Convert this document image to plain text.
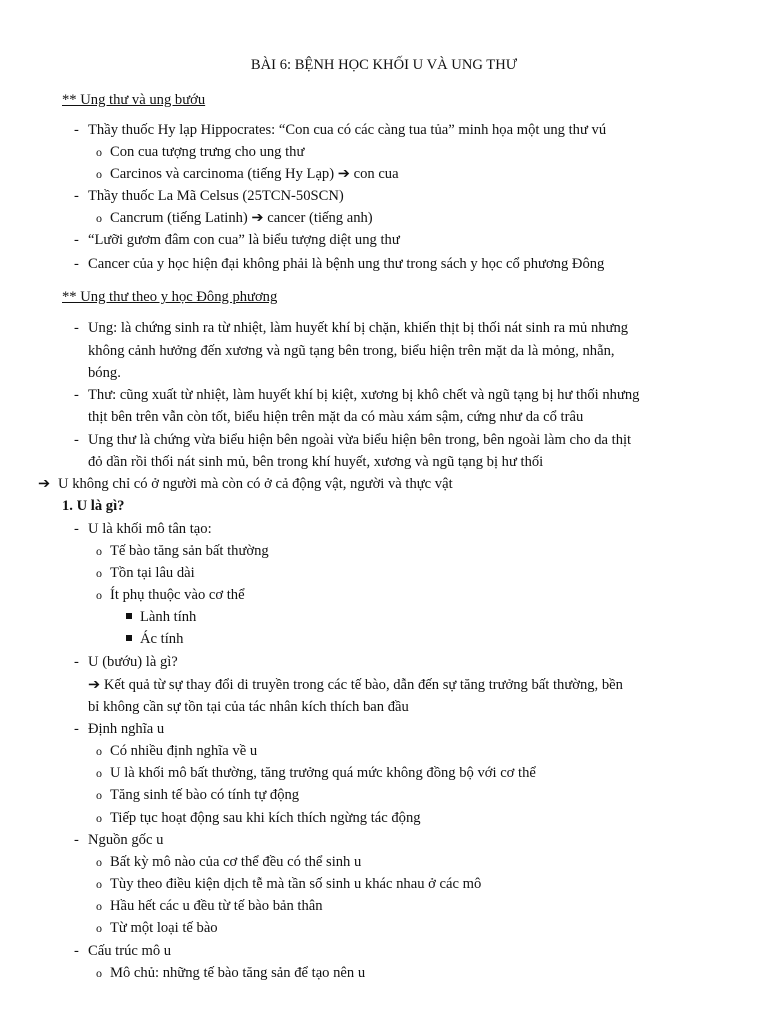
BÀI 6: BỆNH HỌC KHỐI U VÀ UNG THƯ
** Ung thư và ung bướu
- Thầy thuốc Hy lạp Hippocrates: “Con cua có các càng tua tủa” minh họa một ung thư vú
o Con cua tượng trưng cho ung thư
o Carcinos và carcinoma (tiếng Hy Lạp) ➔ con cua
- Thầy thuốc La Mã Celsus (25TCN-50SCN)
o Cancrum (tiếng Latinh) ➔ cancer (tiếng anh)
- “Lưỡi gươm đâm con cua” là biểu tượng diệt ung thư
- Cancer của y học hiện đại không phải là bệnh ung thư trong sách y học cổ phương Đông
** Ung thư theo y học Đông phương
- Ung: là chứng sinh ra từ nhiệt, làm huyết khí bị chặn, khiến thịt bị thối nát sinh ra mủ nhưng
không cảnh hưởng đến xương và ngũ tạng bên trong, biểu hiện trên mặt da là mỏng, nhẵn,
bóng.
- Thư: cũng xuất từ nhiệt, làm huyết khí bị kiệt, xương bị khô chết và ngũ tạng bị hư thối nhưng
thịt bên trên vẫn còn tốt, biểu hiện trên mặt da có màu xám sậm, cứng như da cổ trâu
- Ung thư là chứng vừa biểu hiện bên ngoài vừa biểu hiện bên trong, bên ngoài làm cho da thịt
đỏ dần rồi thối nát sinh mủ, bên trong khí huyết, xương và ngũ tạng bị hư thối
➔ U không chỉ có ở người mà còn có ở cả động vật, người và thực vật
1. U là gì?
- U là khối mô tân tạo:
o Tế bào tăng sản bất thường
o Tồn tại lâu dài
o Ít phụ thuộc vào cơ thể
Lành tính
Ác tính
- U (bướu) là gì?
➔ Kết quả từ sự thay đổi di truyền trong các tế bào, dẫn đến sự tăng trưởng bất thường, bền
bỉ không cần sự tồn tại của tác nhân kích thích ban đầu
- Định nghĩa u
o Có nhiều định nghĩa về u
o U là khối mô bất thường, tăng trưởng quá mức không đồng bộ với cơ thể
o Tăng sinh tế bào có tính tự động
o Tiếp tục hoạt động sau khi kích thích ngừng tác động
- Nguồn gốc u
o Bất kỳ mô nào của cơ thể đều có thể sinh u
o Tùy theo điều kiện dịch tễ mà tần số sinh u khác nhau ở các mô
o Hầu hết các u đều từ tế bào bản thân
o Từ một loại tế bào
- Cấu trúc mô u
o Mô chủ: những tế bào tăng sản để tạo nên u
